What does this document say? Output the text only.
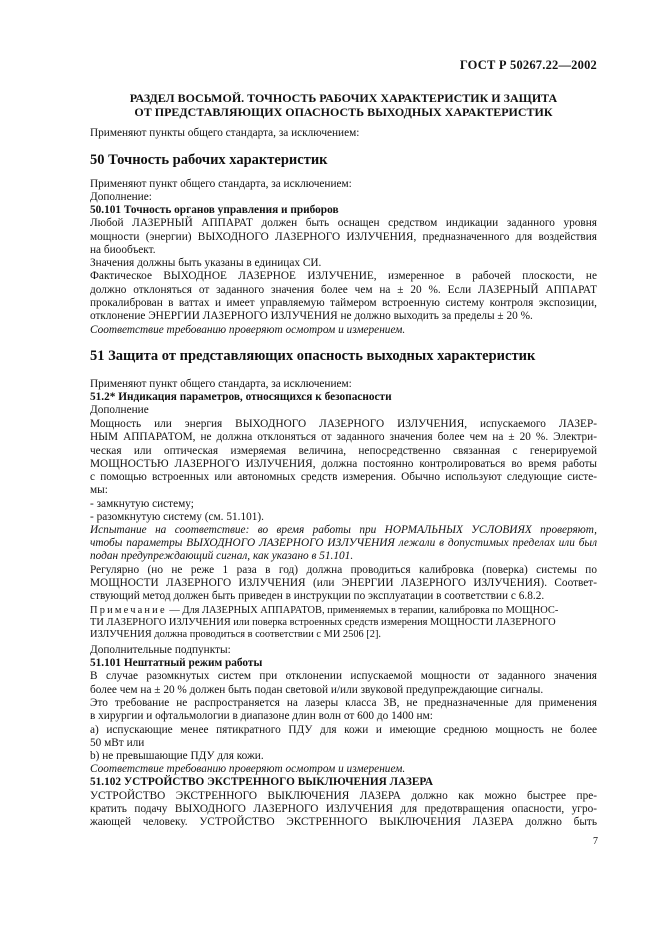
ГОСТ Р 50267.22—2002
РАЗДЕЛ ВОСЬМОЙ. ТОЧНОСТЬ РАБОЧИХ ХАРАКТЕРИСТИК И ЗАЩИТА
ОТ ПРЕДСТАВЛЯЮЩИХ ОПАСНОСТЬ ВЫХОДНЫХ ХАРАКТЕРИСТИК
Применяют пункты общего стандарта, за исключением:
50 Точность рабочих характеристик
Применяют пункт общего стандарта, за исключением:
Дополнение:
50.101 Точность органов управления и приборов
Любой ЛАЗЕРНЫЙ АППАРАТ должен быть оснащен средством индикации заданного уровня
мощности (энергии) ВЫХОДНОГО ЛАЗЕРНОГО ИЗЛУЧЕНИЯ, предназначенного для воздействия
на биообъект.
Значения должны быть указаны в единицах СИ.
Фактическое ВЫХОДНОЕ ЛАЗЕРНОЕ ИЗЛУЧЕНИЕ, измеренное в рабочей плоскости, не
должно отклоняться от заданного значения более чем на ± 20 %. Если ЛАЗЕРНЫЙ АППАРАТ
прокалиброван в ваттах и имеет управляемую таймером встроенную систему контроля экспозиции,
отклонение ЭНЕРГИИ ЛАЗЕРНОГО ИЗЛУЧЕНИЯ не должно выходить за пределы ± 20 %.
Соответствие требованию проверяют осмотром и измерением.
51 Защита от представляющих опасность выходных характеристик
Применяют пункт общего стандарта, за исключением:
51.2* Индикация параметров, относящихся к безопасности
Дополнение
Мощность или энергия ВЫХОДНОГО ЛАЗЕРНОГО ИЗЛУЧЕНИЯ, испускаемого ЛАЗЕР-
НЫМ АППАРАТОМ, не должна отклоняться от заданного значения более чем на ± 20 %. Электри-
ческая или оптическая измеряемая величина, непосредственно связанная с генерируемой
МОЩНОСТЬЮ ЛАЗЕРНОГО ИЗЛУЧЕНИЯ, должна постоянно контролироваться во время работы
с помощью встроенных или автономных средств измерения. Обычно используют следующие систе-
мы:
- замкнутую систему;
- разомкнутую систему (см. 51.101).
Испытание на соответствие: во время работы при НОРМАЛЬНЫХ УСЛОВИЯХ проверяют,
чтобы параметры ВЫХОДНОГО ЛАЗЕРНОГО ИЗЛУЧЕНИЯ лежали в допустимых пределах или был
подан предупреждающий сигнал, как указано в 51.101.
Регулярно (но не реже 1 раза в год) должна проводиться калибровка (поверка) системы по
МОЩНОСТИ ЛАЗЕРНОГО ИЗЛУЧЕНИЯ (или ЭНЕРГИИ ЛАЗЕРНОГО ИЗЛУЧЕНИЯ). Соответ-
ствующий метод должен быть приведен в инструкции по эксплуатации в соответствии с 6.8.2.
Примечание — Для ЛАЗЕРНЫХ АППАРАТОВ, применяемых в терапии, калибровка по МОЩНОС-
ТИ ЛАЗЕРНОГО ИЗЛУЧЕНИЯ или поверка встроенных средств измерения МОЩНОСТИ ЛАЗЕРНОГО
ИЗЛУЧЕНИЯ должна проводиться в соответствии с МИ 2506 [2].
Дополнительные подпункты:
51.101 Нештатный режим работы
В случае разомкнутых систем при отклонении испускаемой мощности от заданного значения
более чем на ± 20 % должен быть подан световой и/или звуковой предупреждающие сигналы.
Это требование не распространяется на лазеры класса 3В, не предназначенные для применения
в хирургии и офтальмологии в диапазоне длин волн от 600 до 1400 нм:
a) испускающие менее пятикратного ПДУ для кожи и имеющие среднюю мощность не более
50 мВт или
b) не превышающие ПДУ для кожи.
Соответствие требованию проверяют осмотром и измерением.
51.102 УСТРОЙСТВО ЭКСТРЕННОГО ВЫКЛЮЧЕНИЯ ЛАЗЕРА
УСТРОЙСТВО ЭКСТРЕННОГО ВЫКЛЮЧЕНИЯ ЛАЗЕРА должно как можно быстрее пре-
кратить подачу ВЫХОДНОГО ЛАЗЕРНОГО ИЗЛУЧЕНИЯ для предотвращения опасности, угро-
жающей человеку. УСТРОЙСТВО ЭКСТРЕННОГО ВЫКЛЮЧЕНИЯ ЛАЗЕРА должно быть
7
